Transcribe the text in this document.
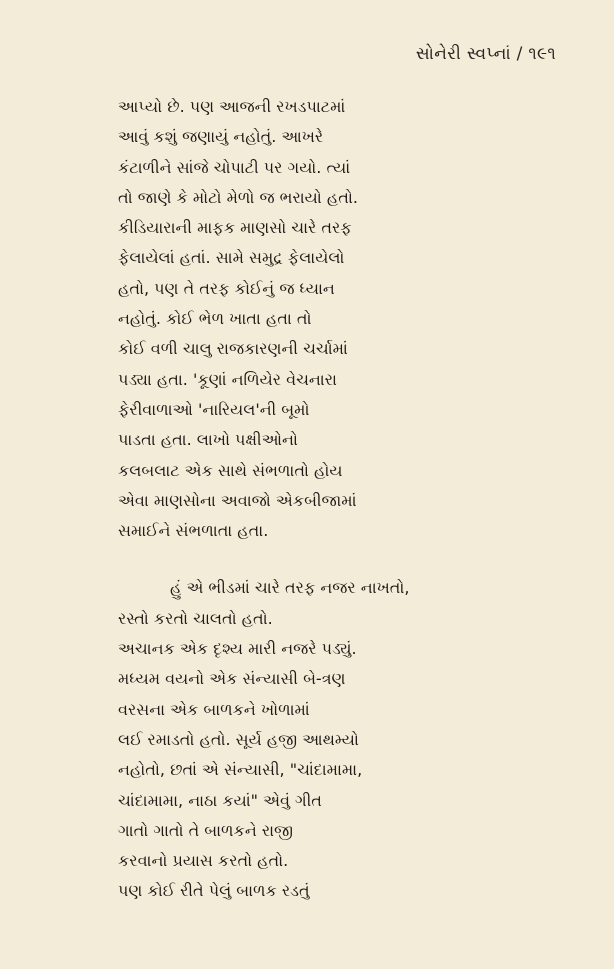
સોનેરી સ્વપ્નાં / ૧૯૧
આપ્યો છે. પણ આજની રખડપાટમાં
આવું કશું જણાયું નહોતું. આખરે
કંટાળીને સાંજે ચોપાટી પર ગયો. ત્યાં
તો જાણે કે મોટો મેળો જ ભરાયો હતો.
કીડિયારાની માફક માણસો ચારે તરફ
ફેલાયેલાં હતાં. સામે સમુદ્ર ફેલાયેલો
હતો, પણ તે તરફ કોઈનું જ ધ્યાન
નહોતું. કોઈ ભેળ ખાતા હતા તો
કોઈ વળી ચાલુ રાજકારણની ચર્ચામાં
પડ્યા હતા. 'કૂણાં નળિયેર વેચનારા
ફેરીવાળાઓ 'નારિયલ'ની બૂમો
પાડતા હતા. લાખો પક્ષીઓનો
કલબલાટ એક સાથે સંભળાતો હોય
એવા માણસોના અવાજો એકબીજામાં
સમાઈને સંભળાતા હતા.
હું એ ભીડમાં ચારે તરફ નજર નાખતો,
રસ્તો કરતો ચાલતો હતો.
અચાનક એક દૃશ્ય મારી નજરે પડ્યું.
મધ્યમ વયનો એક સંન્યાસી બે-ત્રણ
વરસના એક બાળકને ખોળામાં
લઈ રમાડતો હતો. સૂર્ય હજી આથમ્યો
નહોતો, છતાં એ સંન્યાસી, "ચાંદામામા,
ચાંદામામા, નાઠા કયાં" એવું ગીત
ગાતો ગાતો તે બાળકને રાજી
કરવાનો પ્રયાસ કરતો હતો.
પણ કોઈ રીતે પેલું બાળક રડતું
